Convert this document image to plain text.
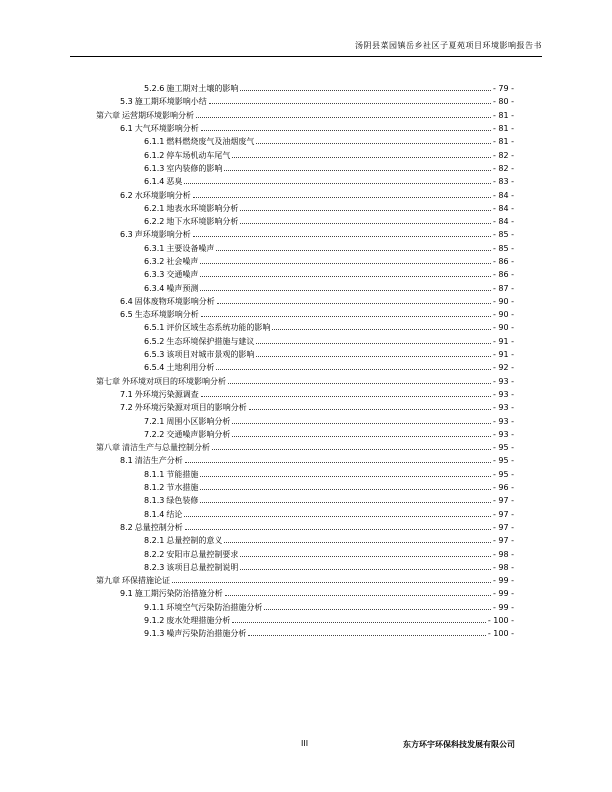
汤阴县菜园镇岳乡社区子夏苑项目环境影响报告书
5.2.6 施工期对土壤的影响	- 79 -
5.3 施工期环境影响小结	- 80 -
第六章 运营期环境影响分析	- 81 -
6.1 大气环境影响分析	- 81 -
6.1.1 燃料燃烧废气及油烟废气	- 81 -
6.1.2 停车场机动车尾气	- 82 -
6.1.3 室内装修的影响	- 82 -
6.1.4 恶臭	- 83 -
6.2 水环境影响分析	- 84 -
6.2.1 地表水环境影响分析	- 84 -
6.2.2 地下水环境影响分析	- 84 -
6.3 声环境影响分析	- 85 -
6.3.1 主要设备噪声	- 85 -
6.3.2 社会噪声	- 86 -
6.3.3 交通噪声	- 86 -
6.3.4 噪声预测	- 87 -
6.4 固体废物环境影响分析	- 90 -
6.5 生态环境影响分析	- 90 -
6.5.1 评价区域生态系统功能的影响	- 90 -
6.5.2 生态环境保护措施与建议	- 91 -
6.5.3 该项目对城市景观的影响	- 91 -
6.5.4 土地利用分析	- 92 -
第七章 外环境对项目的环境影响分析	- 93 -
7.1 外环境污染源调查	- 93 -
7.2 外环境污染源对项目的影响分析	- 93 -
7.2.1 周围小区影响分析	- 93 -
7.2.2 交通噪声影响分析	- 93 -
第八章 清洁生产与总量控制分析	- 95 -
8.1 清洁生产分析	- 95 -
8.1.1 节能措施	- 95 -
8.1.2 节水措施	- 96 -
8.1.3 绿色装修	- 97 -
8.1.4 结论	- 97 -
8.2 总量控制分析	- 97 -
8.2.1 总量控制的意义	- 97 -
8.2.2 安阳市总量控制要求	- 98 -
8.2.3 该项目总量控制说明	- 98 -
第九章 环保措施论证	- 99 -
9.1 施工期污染防治措施分析	- 99 -
9.1.1 环境空气污染防治措施分析	- 99 -
9.1.2 废水处理措施分析	- 100 -
9.1.3 噪声污染防治措施分析	- 100 -
III	东方环宇环保科技发展有限公司
